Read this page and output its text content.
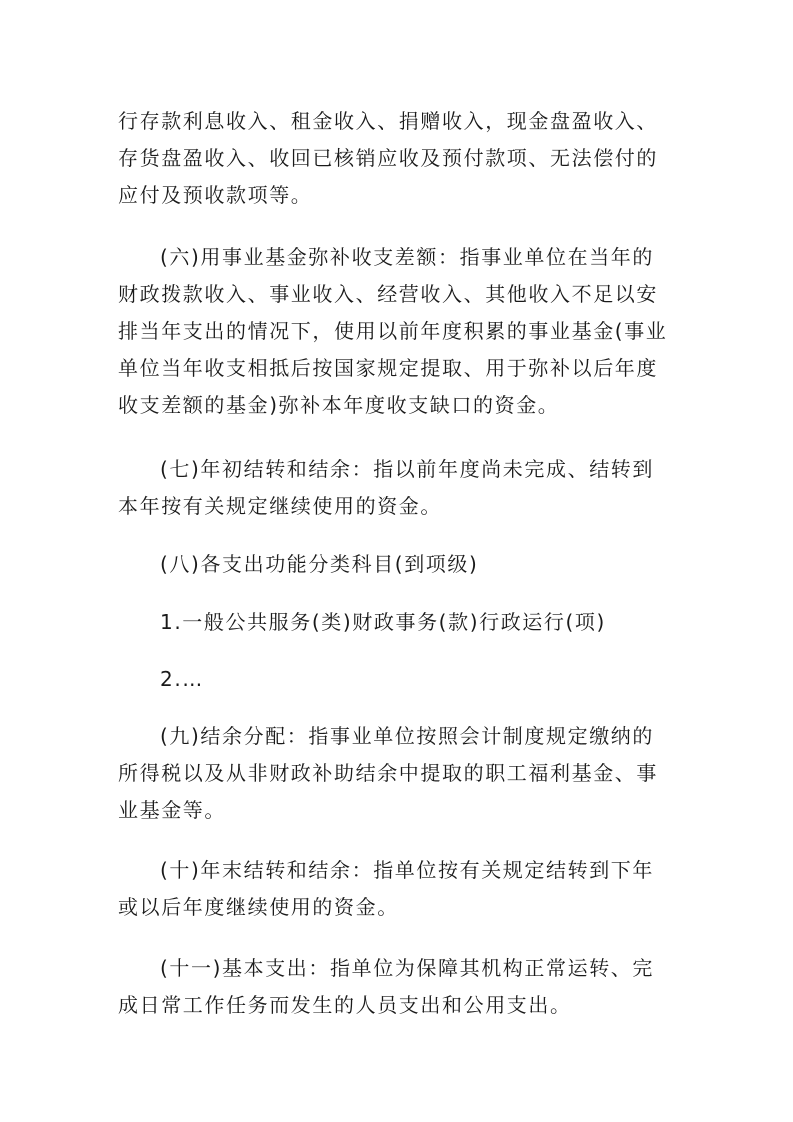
行存款利息收入、租金收入、捐赠收入，现金盘盈收入、
存货盘盈收入、收回已核销应收及预付款项、无法偿付的
应付及预收款项等。
(六)用事业基金弥补收支差额：指事业单位在当年的
财政拨款收入、事业收入、经营收入、其他收入不足以安
排当年支出的情况下，使用以前年度积累的事业基金(事业
单位当年收支相抵后按国家规定提取、用于弥补以后年度
收支差额的基金)弥补本年度收支缺口的资金。
(七)年初结转和结余：指以前年度尚未完成、结转到
本年按有关规定继续使用的资金。
(八)各支出功能分类科目(到项级)
1.一般公共服务(类)财政事务(款)行政运行(项)
2.…
(九)结余分配：指事业单位按照会计制度规定缴纳的
所得税以及从非财政补助结余中提取的职工福利基金、事
业基金等。
(十)年末结转和结余：指单位按有关规定结转到下年
或以后年度继续使用的资金。
(十一)基本支出：指单位为保障其机构正常运转、完
成日常工作任务而发生的人员支出和公用支出。
